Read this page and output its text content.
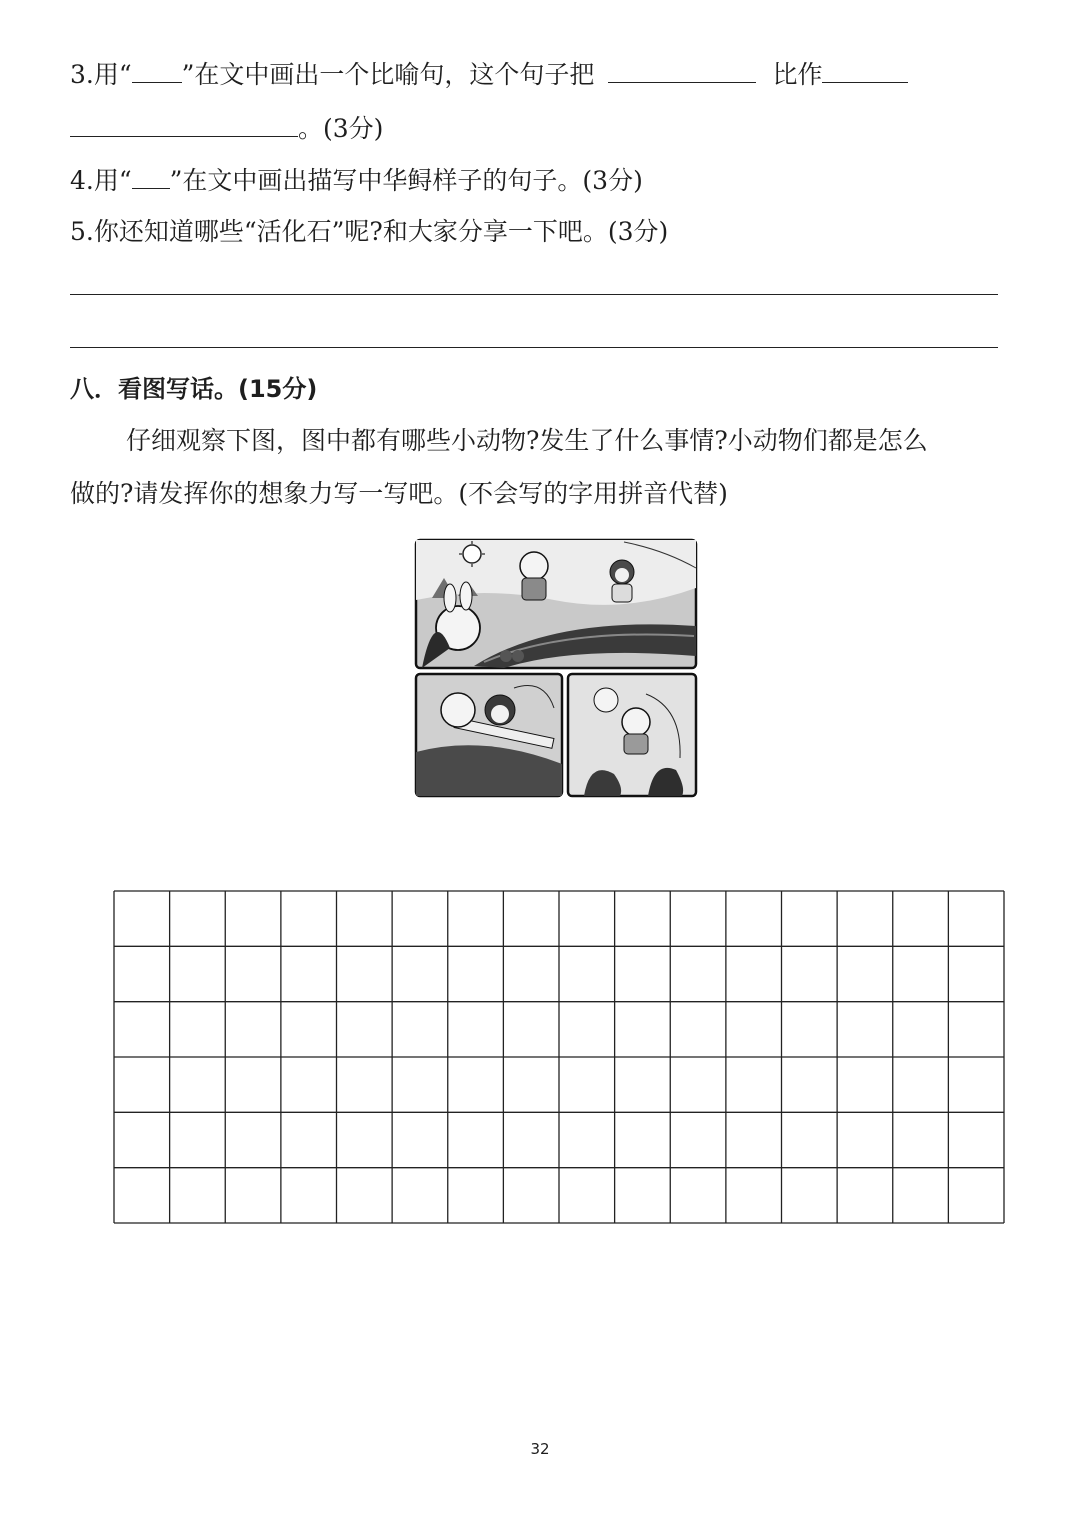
3.用“ ”在文中画出一个比喻句，这个句子把	比作
。(3分)
4.用“ ”在文中画出描写中华鲟样子的句子。(3分)
5.你还知道哪些“活化石”呢?和大家分享一下吧。(3分)
八．看图写话。(15分)
仔细观察下图，图中都有哪些小动物?发生了什么事情?小动物们都是怎么
做的?请发挥你的想象力写一写吧。(不会写的字用拼音代替)
32
